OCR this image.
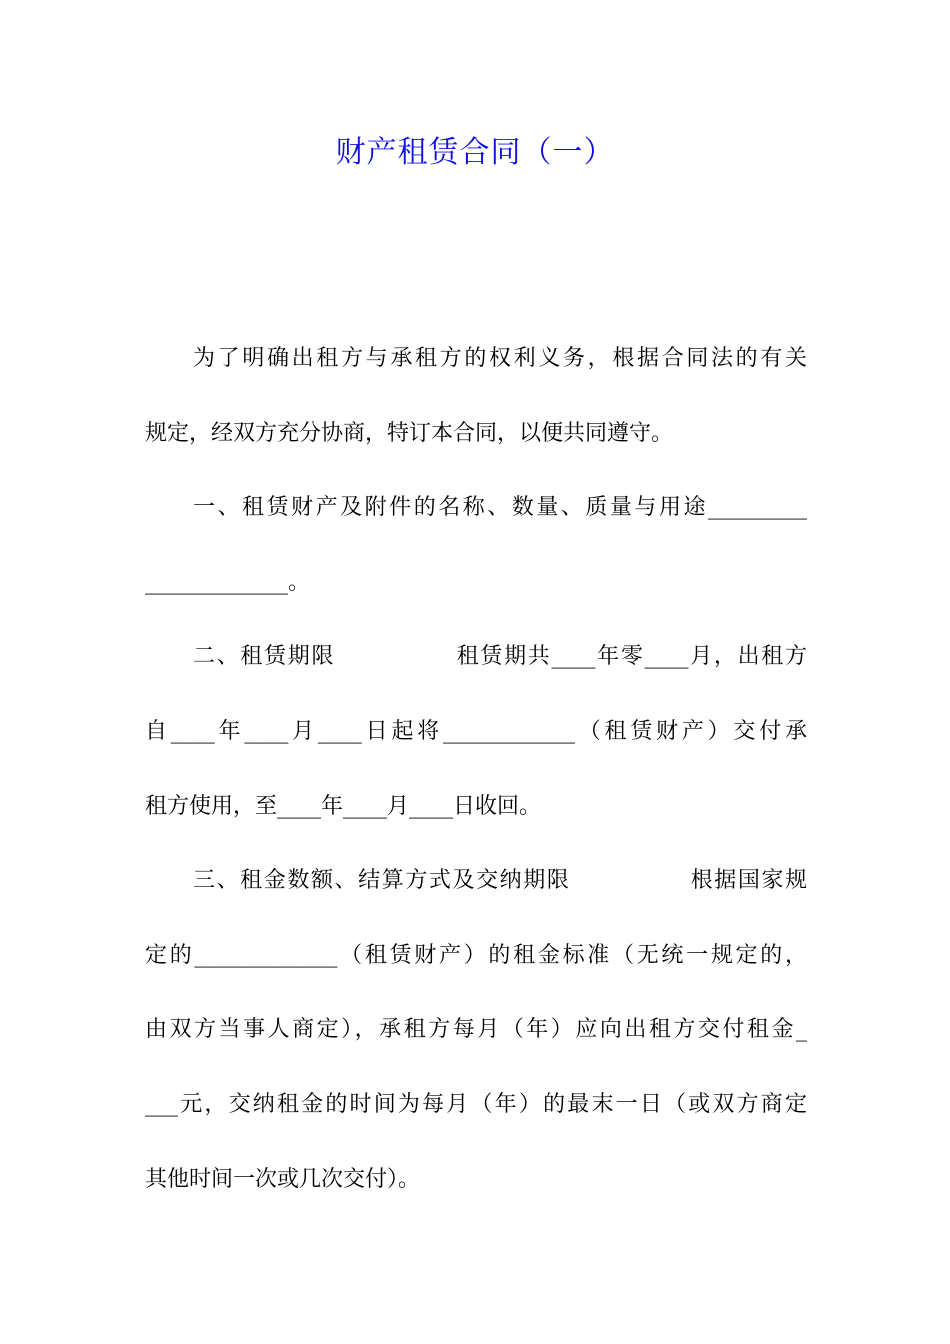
财产租赁合同（一）
为了明确出租方与承租方的权利义务，根据合同法的有关
规定，经双方充分协商，特订本合同，以便共同遵守。
一、租赁财产及附件的名称、数量、质量与用途_________
_____________。
二、租赁期限              租赁期共____年零____月，出租方
自____年____月____日起将____________（租赁财产）交付承
租方使用，至____年____月____日收回。
三、租金数额、结算方式及交纳期限              根据国家规
定的_____________（租赁财产）的租金标准（无统一规定的，
由双方当事人商定），承租方每月（年）应向出租方交付租金_
___元，交纳租金的时间为每月（年）的最末一日（或双方商定
其他时间一次或几次交付）。
